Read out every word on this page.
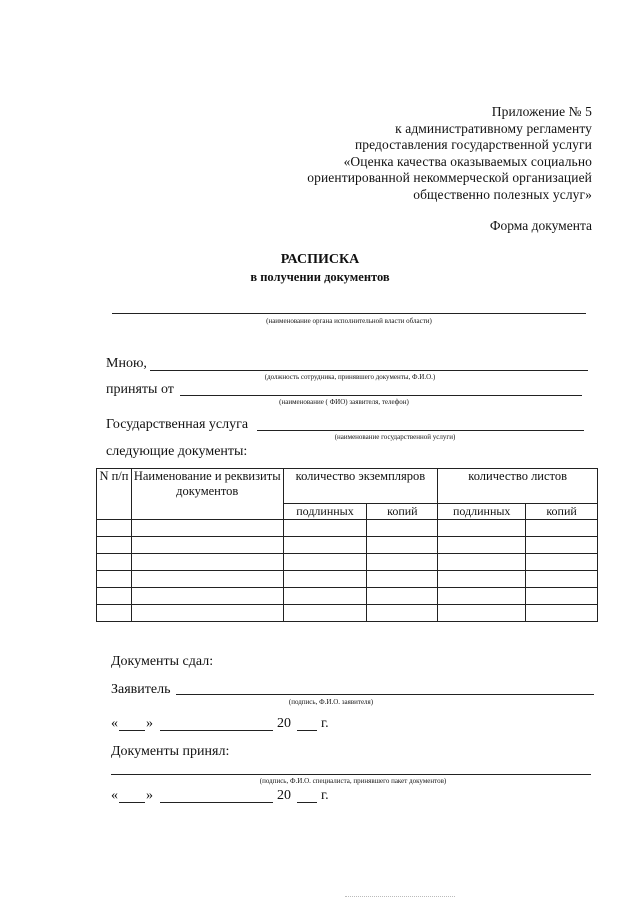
Приложение № 5
к административному регламенту
предоставления государственной услуги
«Оценка качества оказываемых социально
ориентированной некоммерческой организацией
общественно полезных услуг»
Форма документа
РАСПИСКА
в получении документов
(наименование органа исполнительной власти области)
Мною,
(должность сотрудника, принявшего документы, Ф.И.О.)
приняты от
(наименование ( ФИО) заявителя, телефон)
Государственная услуга
(наименование государственной услуги)
следующие документы:
N п/п	Наименование и реквизиты документов	количество экземпляров		количество листов	
		подлинных	копий	подлинных	копий

Документы сдал:
Заявитель
(подпись, Ф.И.О. заявителя)
« »	20 г.
Документы принял:
(подпись, Ф.И.О. специалиста, принявшего пакет документов)
« »	20 г.
